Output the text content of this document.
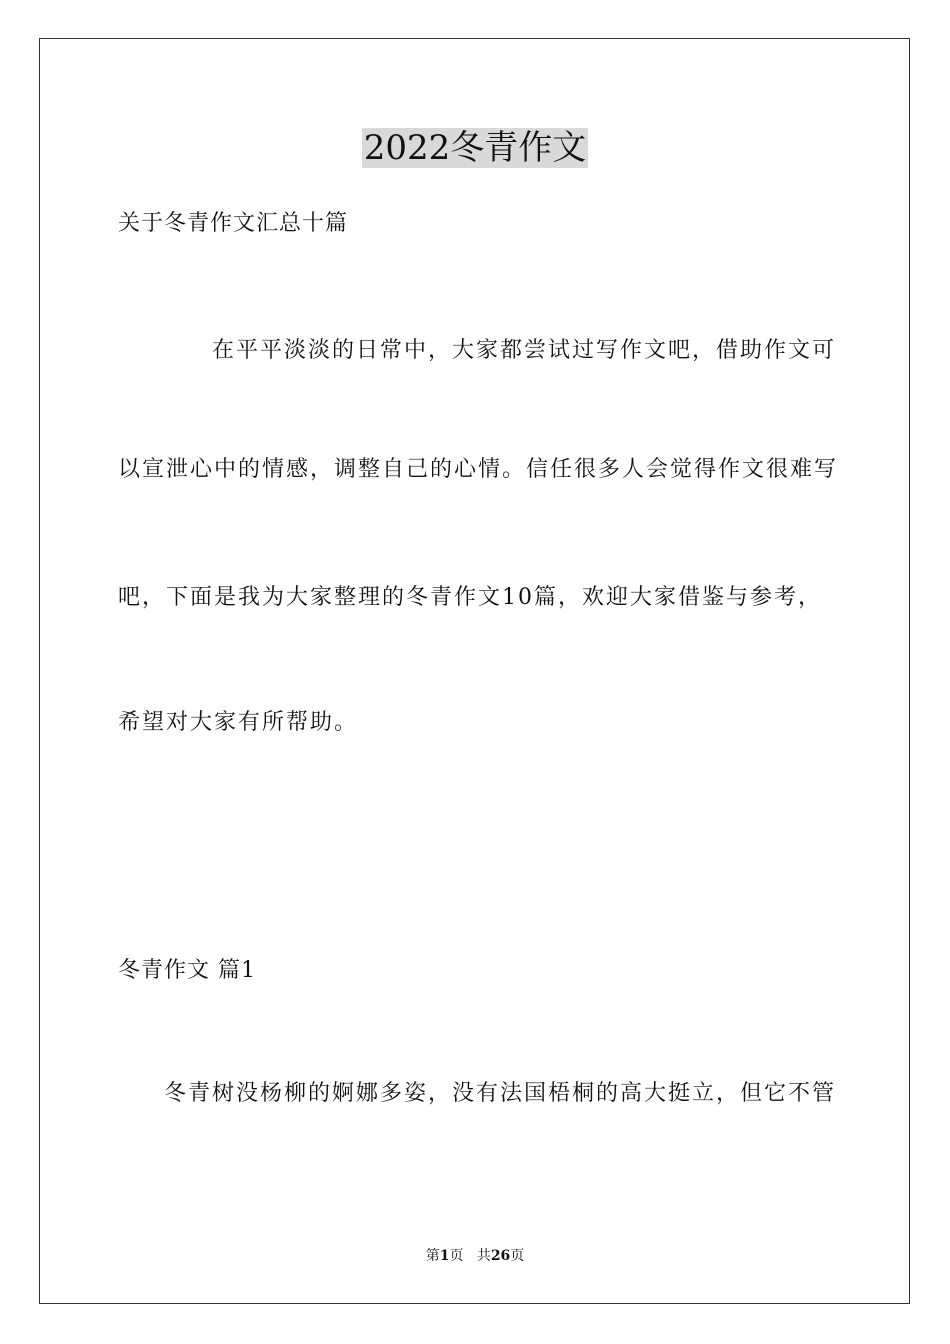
2022冬青作文
关于冬青作文汇总十篇
在平平淡淡的日常中，大家都尝试过写作文吧，借助作文可
以宣泄心中的情感，调整自己的心情。信任很多人会觉得作文很难写
吧，下面是我为大家整理的冬青作文10篇，欢迎大家借鉴与参考，
希望对大家有所帮助。
冬青作文 篇1
冬青树没杨柳的婀娜多姿，没有法国梧桐的高大挺立，但它不管
第1页 共26页
